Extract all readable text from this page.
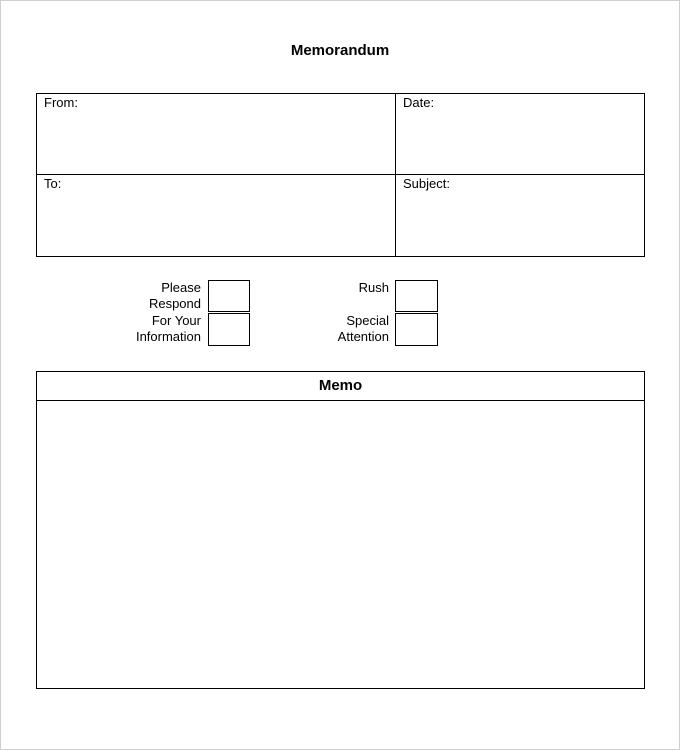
Memorandum
From:	Date:
To:	Subject:
Please
Respond
For Your
Information
Rush
Special
Attention
Memo
